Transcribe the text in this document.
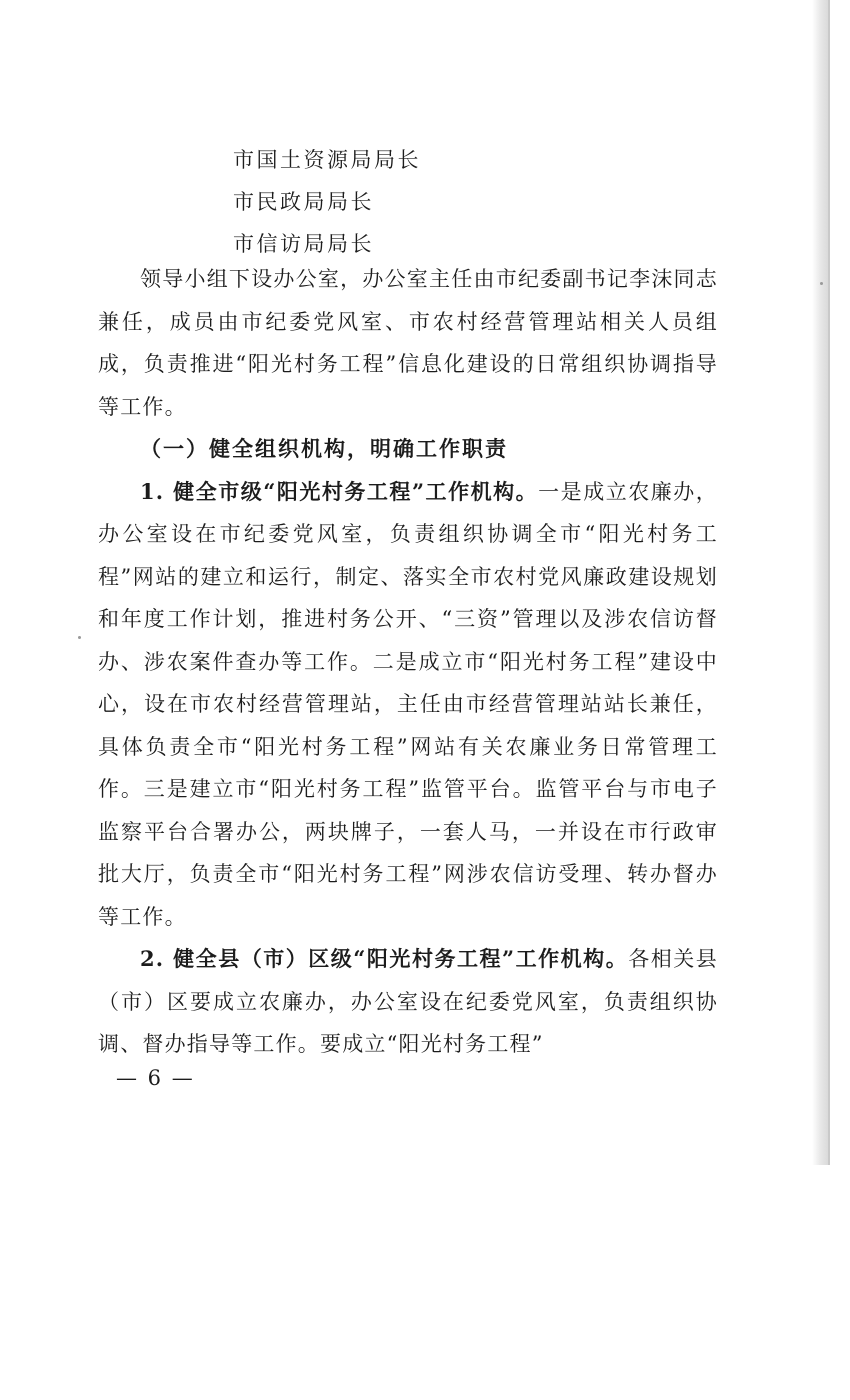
市国土资源局局长
市民政局局长
市信访局局长

领导小组下设办公室，办公室主任由市纪委副书记李沫同志兼任，成员由市纪委党风室、市农村经营管理站相关人员组成，负责推进“阳光村务工程”信息化建设的日常组织协调指导等工作。

（一）健全组织机构，明确工作职责

1. 健全市级“阳光村务工程”工作机构。一是成立农廉办，办公室设在市纪委党风室，负责组织协调全市“阳光村务工程”网站的建立和运行，制定、落实全市农村党风廉政建设规划和年度工作计划，推进村务公开、“三资”管理以及涉农信访督办、涉农案件查办等工作。二是成立市“阳光村务工程”建设中心，设在市农村经营管理站，主任由市经营管理站站长兼任，具体负责全市“阳光村务工程”网站有关农廉业务日常管理工作。三是建立市“阳光村务工程”监管平台。监管平台与市电子监察平台合署办公，两块牌子，一套人马，一并设在市行政审批大厅，负责全市“阳光村务工程”网涉农信访受理、转办督办等工作。

2. 健全县（市）区级“阳光村务工程”工作机构。各相关县（市）区要成立农廉办，办公室设在纪委党风室，负责组织协调、督办指导等工作。要成立“阳光村务工程”

— 6 —
